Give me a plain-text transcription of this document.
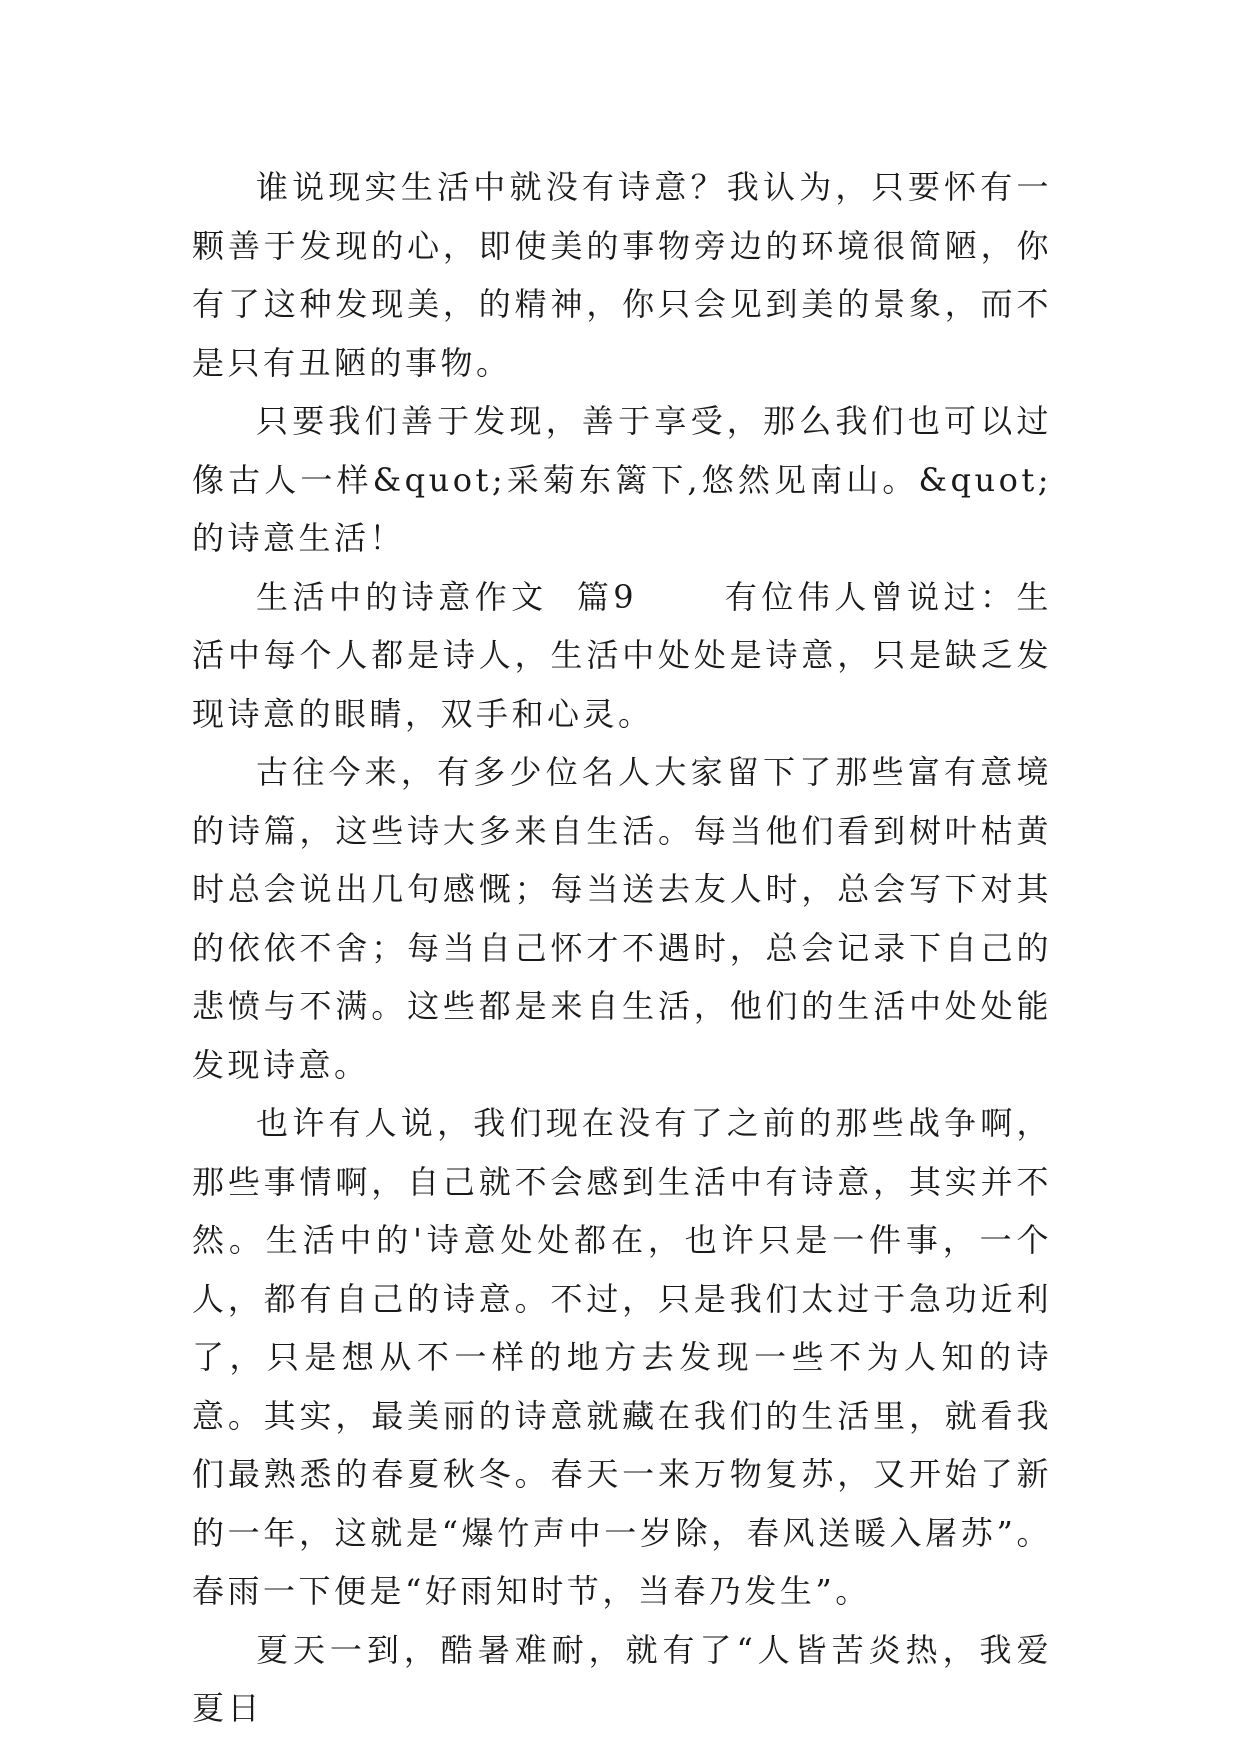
谁说现实生活中就没有诗意？我认为，只要怀有一颗善于发现的心，即使美的事物旁边的环境很简陋，你有了这种发现美，的精神，你只会见到美的景象，而不是只有丑陋的事物。

只要我们善于发现，善于享受，那么我们也可以过像古人一样&quot;采菊东篱下,悠然见南山。&quot;的诗意生活！

生活中的诗意作文  篇9      有位伟人曾说过：生活中每个人都是诗人，生活中处处是诗意，只是缺乏发现诗意的眼睛，双手和心灵。

古往今来，有多少位名人大家留下了那些富有意境的诗篇，这些诗大多来自生活。每当他们看到树叶枯黄时总会说出几句感慨；每当送去友人时，总会写下对其的依依不舍；每当自己怀才不遇时，总会记录下自己的悲愤与不满。这些都是来自生活，他们的生活中处处能发现诗意。

也许有人说，我们现在没有了之前的那些战争啊，那些事情啊，自己就不会感到生活中有诗意，其实并不然。生活中的'诗意处处都在，也许只是一件事，一个人，都有自己的诗意。不过，只是我们太过于急功近利了，只是想从不一样的地方去发现一些不为人知的诗意。其实，最美丽的诗意就藏在我们的生活里，就看我们最熟悉的春夏秋冬。春天一来万物复苏，又开始了新的一年，这就是“爆竹声中一岁除，春风送暖入屠苏”。春雨一下便是“好雨知时节，当春乃发生”。

夏天一到，酷暑难耐，就有了“人皆苦炎热，我爱夏日
